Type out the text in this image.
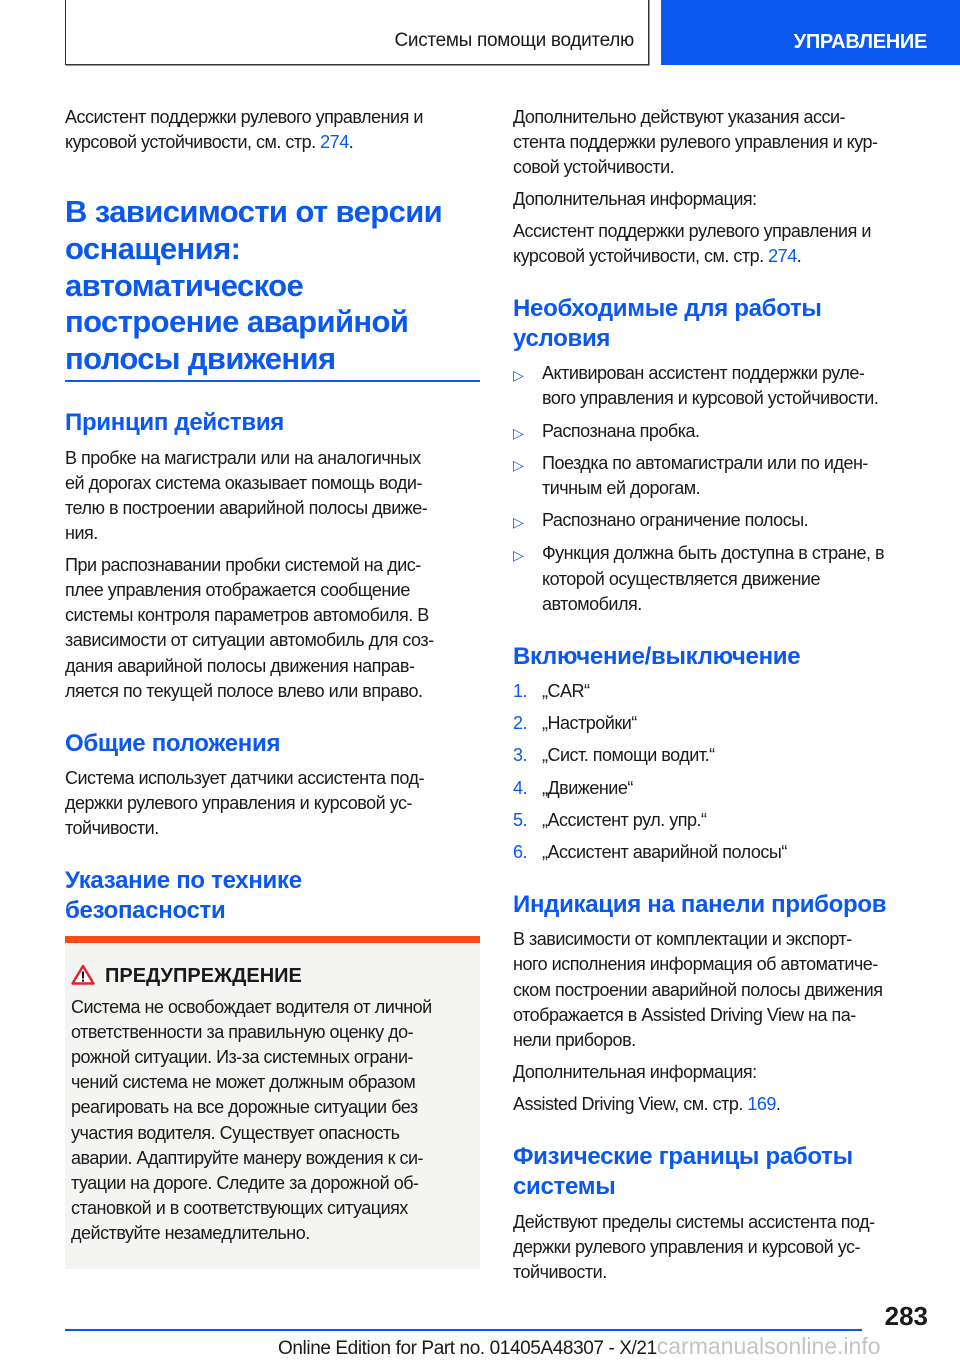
Системы помощи водителю	УПРАВЛЕНИЕ
Ассистент поддержки рулевого управления и
курсовой устойчивости, см. стр. 274.
В зависимости от версии
оснащения:
автоматическое
построение аварийной
полосы движения
Принцип действия
В пробке на магистрали или на аналогичных
ей дорогах система оказывает помощь води-
телю в построении аварийной полосы движе-
ния.
При распознавании пробки системой на дис-
плее управления отображается сообщение
системы контроля параметров автомобиля. В
зависимости от ситуации автомобиль для соз-
дания аварийной полосы движения направ-
ляется по текущей полосе влево или вправо.
Общие положения
Система использует датчики ассистента под-
держки рулевого управления и курсовой ус-
тойчивости.
Указание по технике
безопасности
ПРЕДУПРЕЖДЕНИЕ
Система не освобождает водителя от личной
ответственности за правильную оценку до-
рожной ситуации. Из-за системных ограни-
чений система не может должным образом
реагировать на все дорожные ситуации без
участия водителя. Существует опасность
аварии. Адаптируйте манеру вождения к си-
туации на дороге. Следите за дорожной об-
становкой и в соответствующих ситуациях
действуйте незамедлительно.
Дополнительно действуют указания асси-
стента поддержки рулевого управления и кур-
совой устойчивости.
Дополнительная информация:
Ассистент поддержки рулевого управления и
курсовой устойчивости, см. стр. 274.
Необходимые для работы
условия
▷ Активирован ассистент поддержки руле-
вого управления и курсовой устойчивости.
▷ Распознана пробка.
▷ Поездка по автомагистрали или по иден-
тичным ей дорогам.
▷ Распознано ограничение полосы.
▷ Функция должна быть доступна в стране, в
которой осуществляется движение
автомобиля.
Включение/выключение
1. „CAR“
2. „Настройки“
3. „Сист. помощи водит.“
4. „Движение“
5. „Ассистент рул. упр.“
6. „Ассистент аварийной полосы“
Индикация на панели приборов
В зависимости от комплектации и экспорт-
ного исполнения информация об автоматиче-
ском построении аварийной полосы движения
отображается в Assisted Driving View на па-
нели приборов.
Дополнительная информация:
Assisted Driving View, см. стр. 169.
Физические границы работы
системы
Действуют пределы системы ассистента под-
держки рулевого управления и курсовой ус-
тойчивости.
283
Online Edition for Part no. 01405A48307 - X/21carmanualsonline.info
